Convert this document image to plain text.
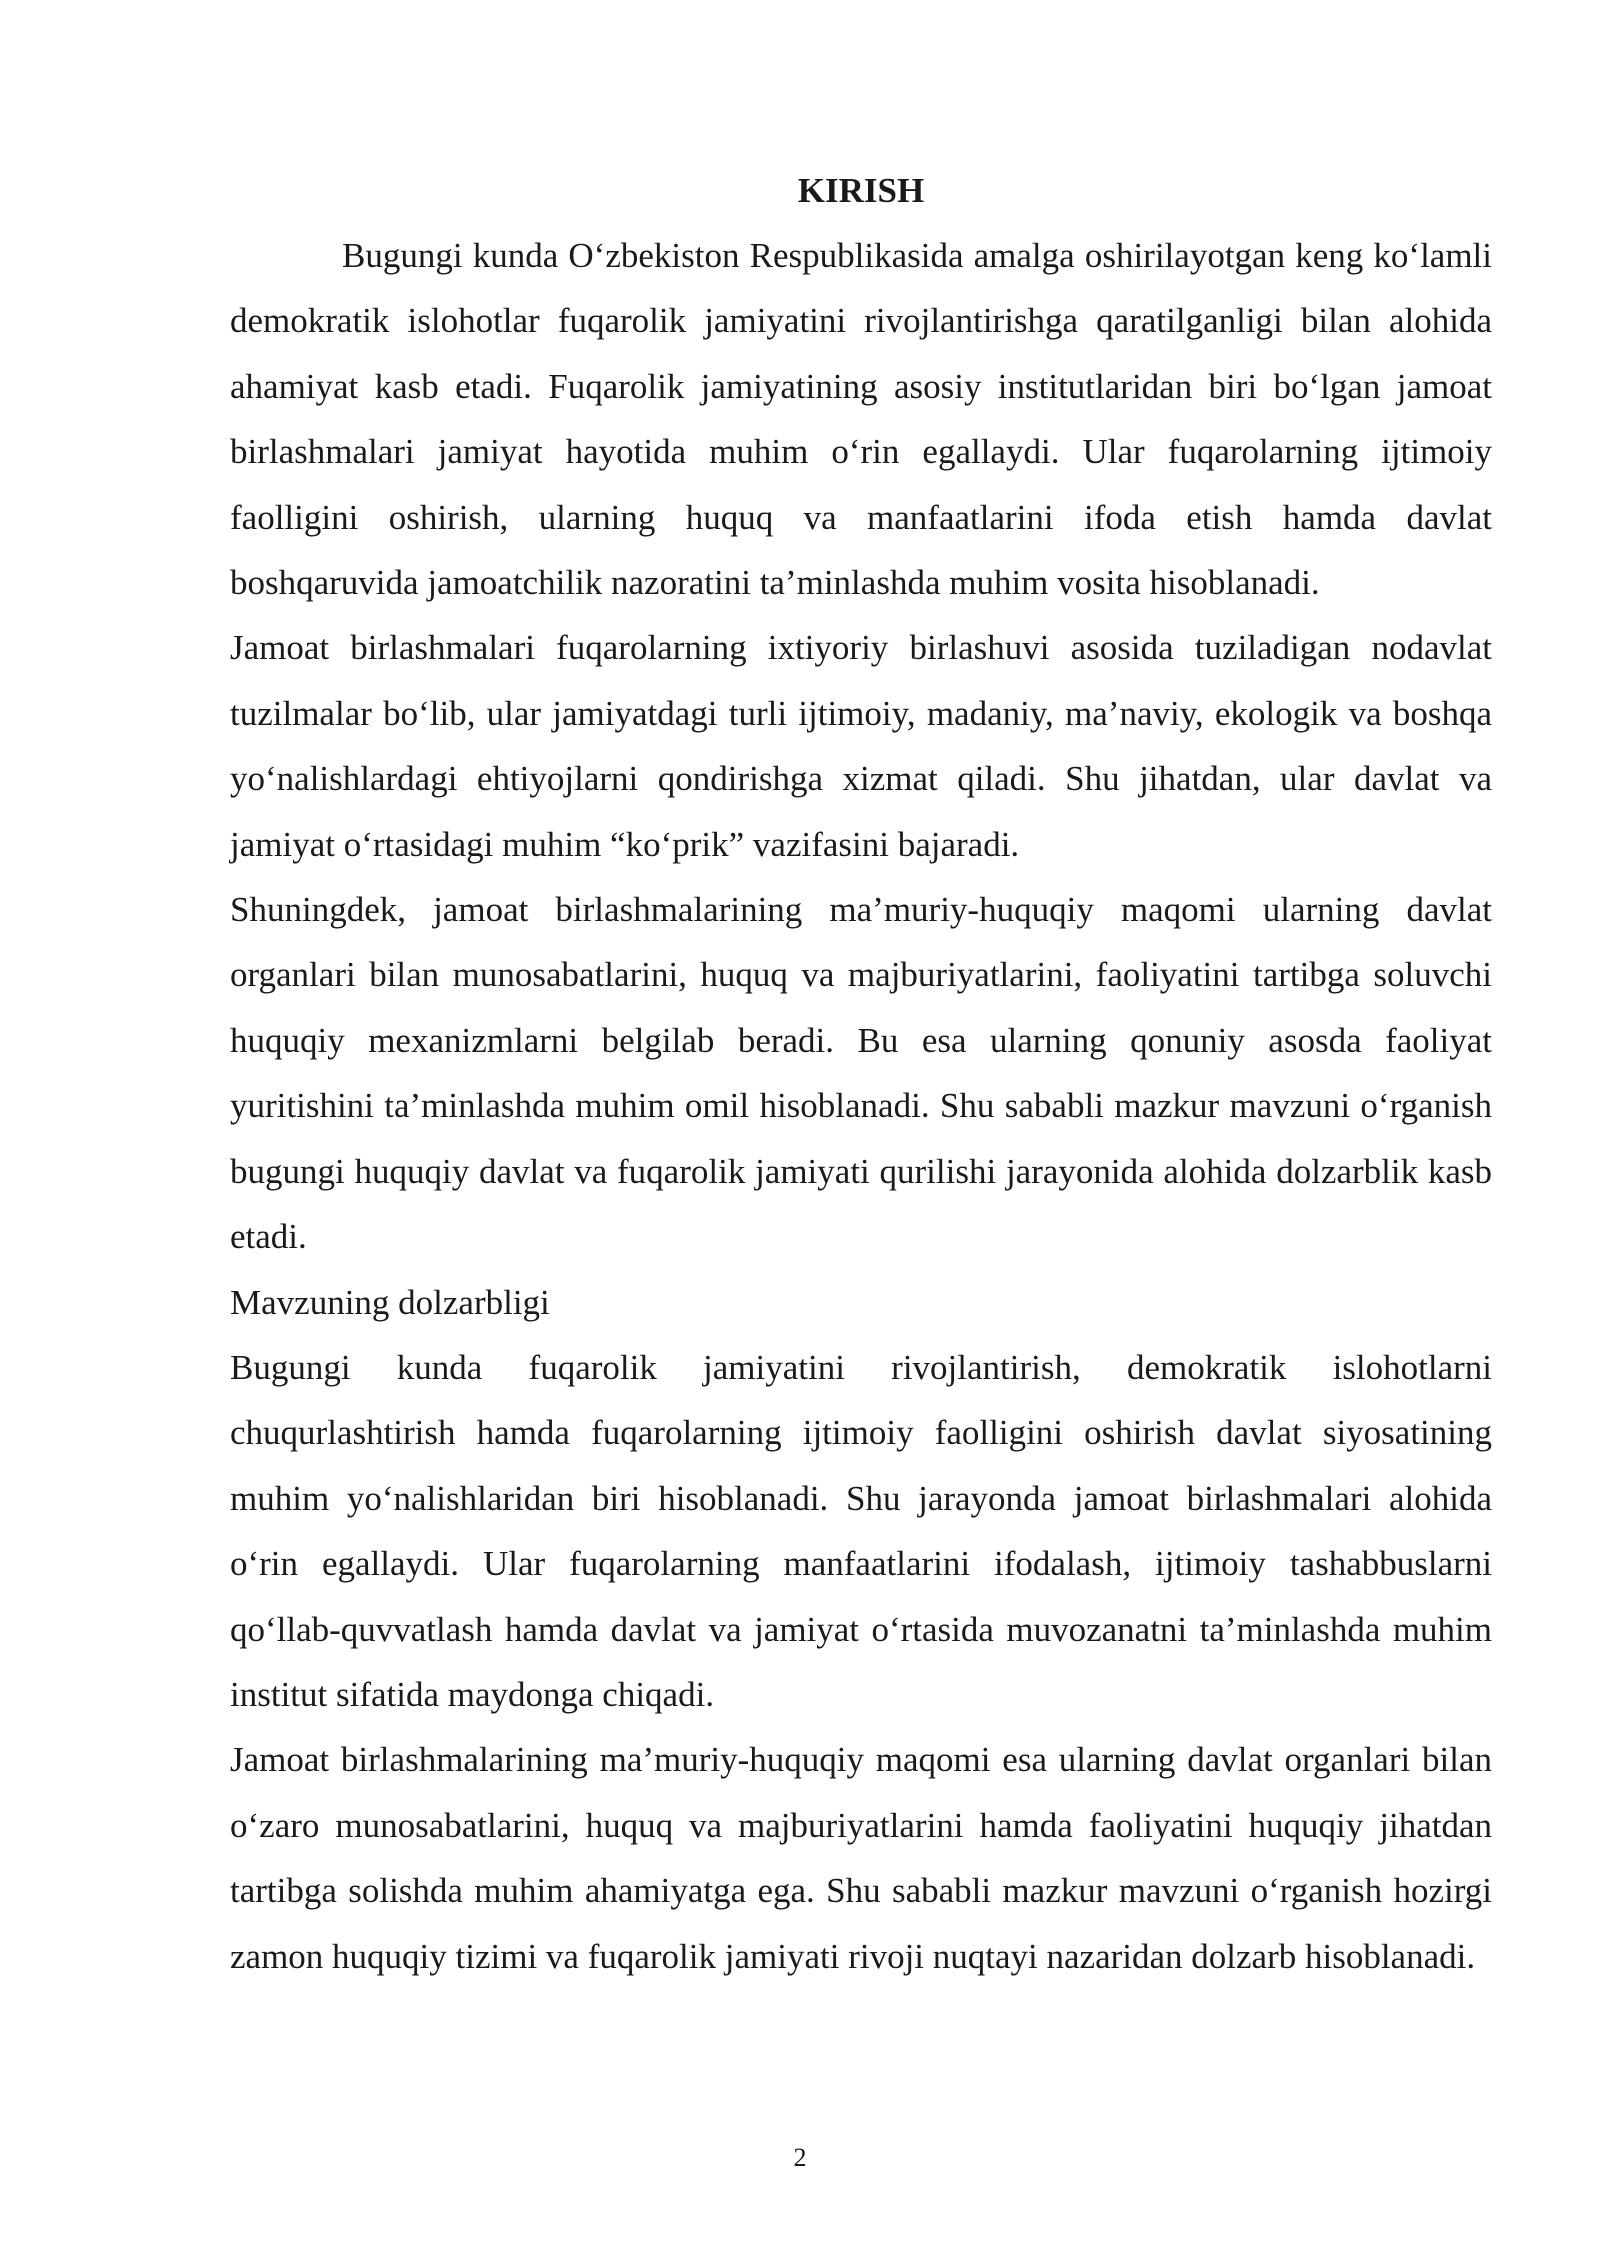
KIRISH

Bugungi kunda O‘zbekiston Respublikasida amalga oshirilayotgan keng ko‘lamli demokratik islohotlar fuqarolik jamiyatini rivojlantirishga qaratilganligi bilan alohida ahamiyat kasb etadi. Fuqarolik jamiyatining asosiy institutlaridan biri bo‘lgan jamoat birlashmalari jamiyat hayotida muhim o‘rin egallaydi. Ular fuqarolarning ijtimoiy faolligini oshirish, ularning huquq va manfaatlarini ifoda etish hamda davlat boshqaruvida jamoatchilik nazoratini ta’minlashda muhim vosita hisoblanadi.

Jamoat birlashmalari fuqarolarning ixtiyoriy birlashuvi asosida tuziladigan nodavlat tuzilmalar bo‘lib, ular jamiyatdagi turli ijtimoiy, madaniy, ma’naviy, ekologik va boshqa yo‘nalishlardagi ehtiyojlarni qondirishga xizmat qiladi. Shu jihatdan, ular davlat va jamiyat o‘rtasidagi muhim “ko‘prik” vazifasini bajaradi.

Shuningdek, jamoat birlashmalarining ma’muriy-huquqiy maqomi ularning davlat organlari bilan munosabatlarini, huquq va majburiyatlarini, faoliyatini tartibga soluvchi huquqiy mexanizmlarni belgilab beradi. Bu esa ularning qonuniy asosda faoliyat yuritishini ta’minlashda muhim omil hisoblanadi. Shu sababli mazkur mavzuni o‘rganish bugungi huquqiy davlat va fuqarolik jamiyati qurilishi jarayonida alohida dolzarblik kasb etadi.

Mavzuning dolzarbligi

Bugungi kunda fuqarolik jamiyatini rivojlantirish, demokratik islohotlarni chuqurlashtirish hamda fuqarolarning ijtimoiy faolligini oshirish davlat siyosatining muhim yo‘nalishlaridan biri hisoblanadi. Shu jarayonda jamoat birlashmalari alohida o‘rin egallaydi. Ular fuqarolarning manfaatlarini ifodalash, ijtimoiy tashabbuslarni qo‘llab-quvvatlash hamda davlat va jamiyat o‘rtasida muvozanatni ta’minlashda muhim institut sifatida maydonga chiqadi.

Jamoat birlashmalarining ma’muriy-huquqiy maqomi esa ularning davlat organlari bilan o‘zaro munosabatlarini, huquq va majburiyatlarini hamda faoliyatini huquqiy jihatdan tartibga solishda muhim ahamiyatga ega. Shu sababli mazkur mavzuni o‘rganish hozirgi zamon huquqiy tizimi va fuqarolik jamiyati rivoji nuqtayi nazaridan dolzarb hisoblanadi.

2
